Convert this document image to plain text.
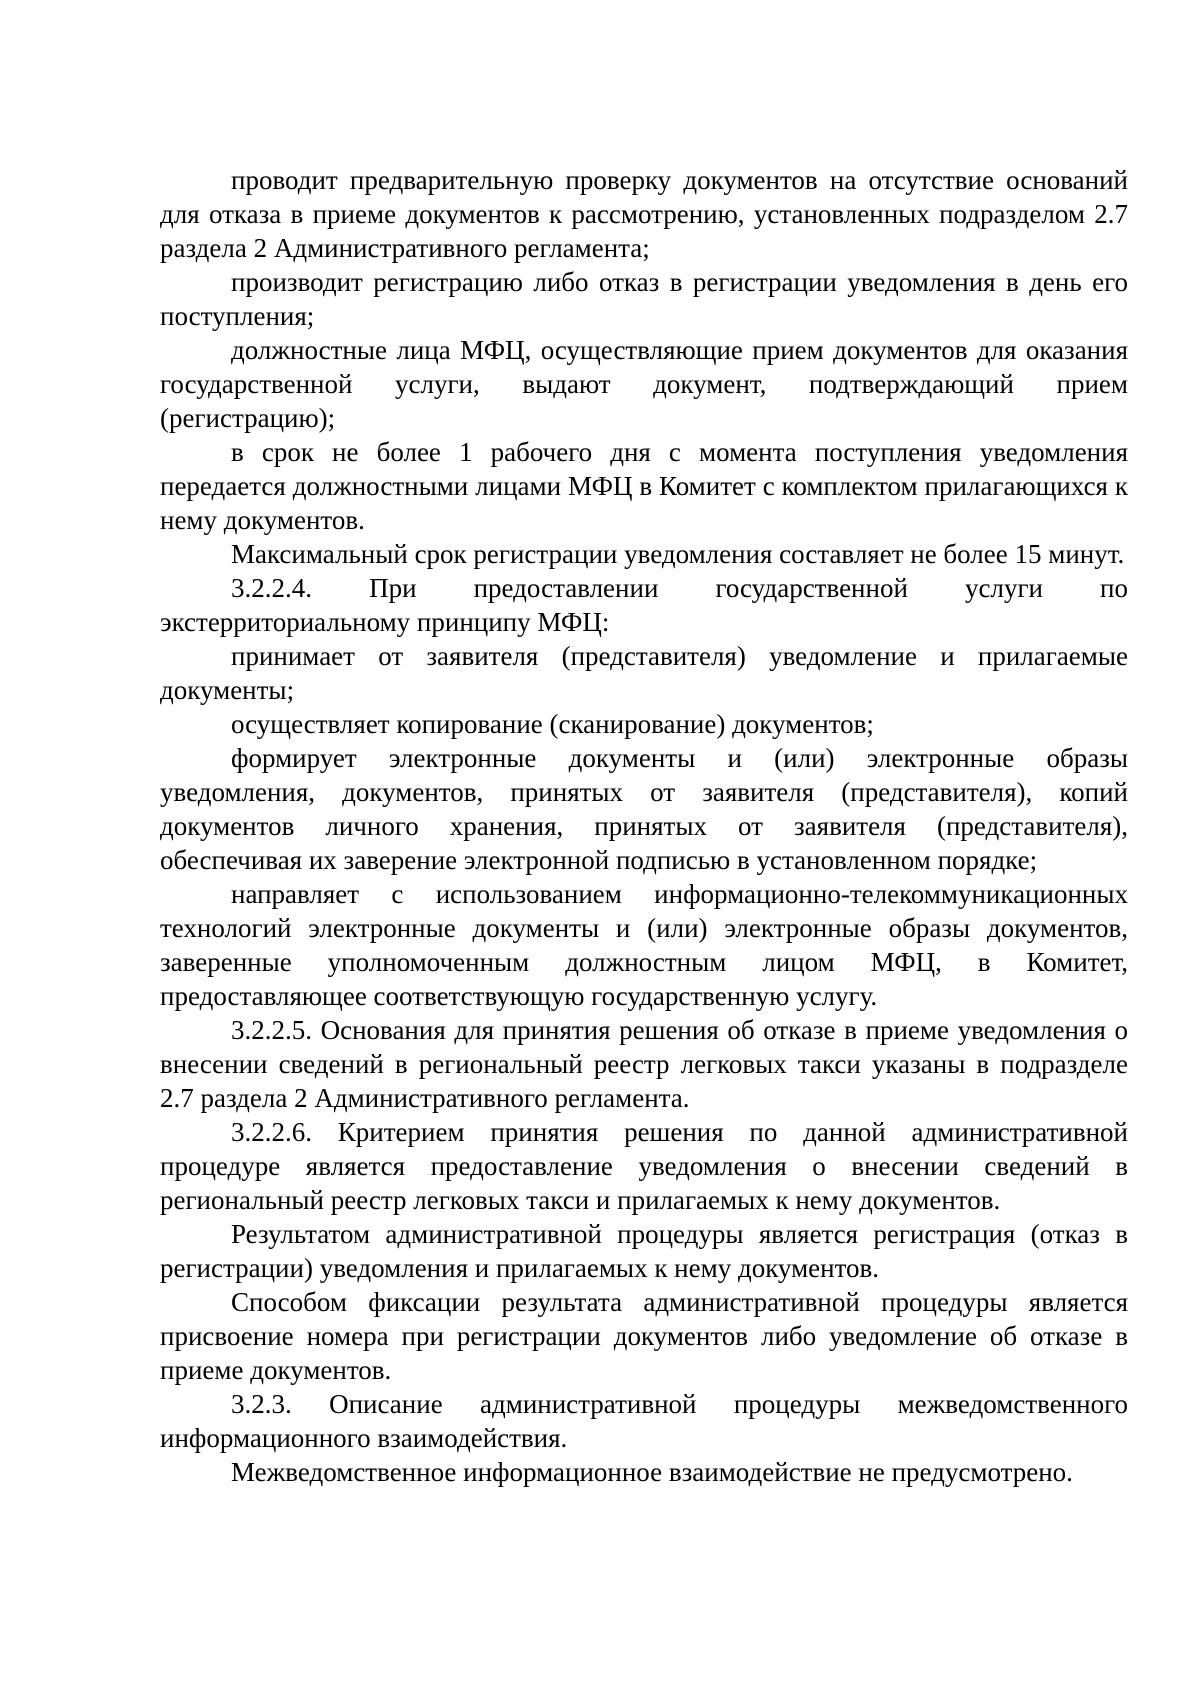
проводит предварительную проверку документов на отсутствие оснований для отказа в приеме документов к рассмотрению, установленных подразделом 2.7 раздела 2 Административного регламента;

производит регистрацию либо отказ в регистрации уведомления в день его поступления;

должностные лица МФЦ, осуществляющие прием документов для оказания государственной услуги, выдают документ, подтверждающий прием (регистрацию);

в срок не более 1 рабочего дня с момента поступления уведомления передается должностными лицами МФЦ в Комитет с комплектом прилагающихся к нему документов.

Максимальный срок регистрации уведомления составляет не более 15 минут.

3.2.2.4. При предоставлении государственной услуги по экстерриториальному принципу МФЦ:

принимает от заявителя (представителя) уведомление и прилагаемые документы;

осуществляет копирование (сканирование) документов;

формирует электронные документы и (или) электронные образы уведомления, документов, принятых от заявителя (представителя), копий документов личного хранения, принятых от заявителя (представителя), обеспечивая их заверение электронной подписью в установленном порядке;

направляет с использованием информационно-телекоммуникационных технологий электронные документы и (или) электронные образы документов, заверенные уполномоченным должностным лицом МФЦ, в Комитет, предоставляющее соответствующую государственную услугу.

3.2.2.5. Основания для принятия решения об отказе в приеме уведомления о внесении сведений в региональный реестр легковых такси указаны в подразделе 2.7 раздела 2 Административного регламента.

3.2.2.6. Критерием принятия решения по данной административной процедуре является предоставление уведомления о внесении сведений в региональный реестр легковых такси и прилагаемых к нему документов.

Результатом административной процедуры является регистрация (отказ в регистрации) уведомления и прилагаемых к нему документов.

Способом фиксации результата административной процедуры является присвоение номера при регистрации документов либо уведомление об отказе в приеме документов.

3.2.3. Описание административной процедуры межведомственного информационного взаимодействия.

Межведомственное информационное взаимодействие не предусмотрено.
